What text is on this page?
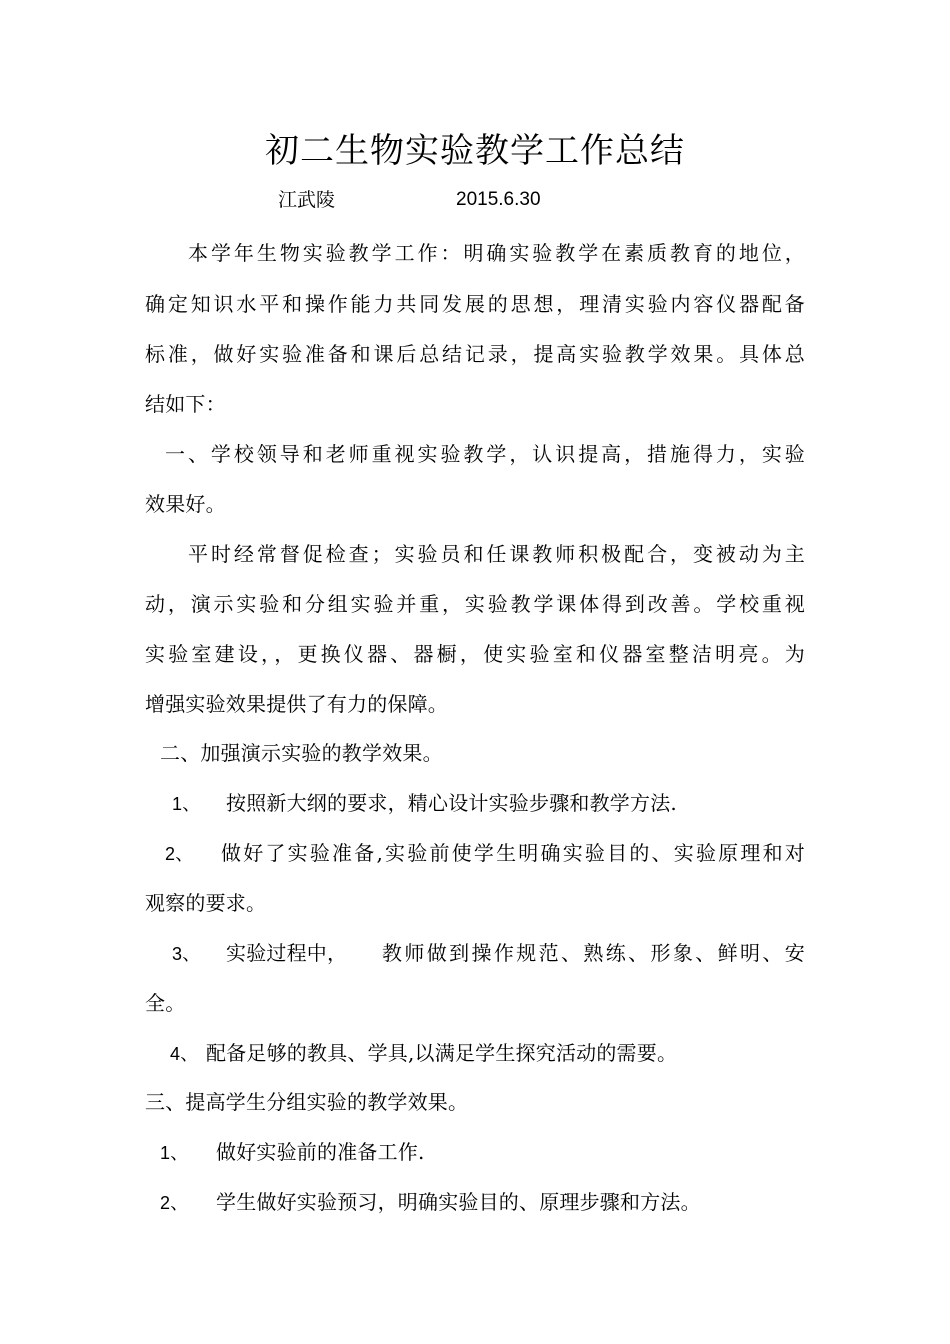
初二生物实验教学工作总结
江武陵	2015.6.30
本学年生物实验教学工作：明确实验教学在素质教育的地位，
确定知识水平和操作能力共同发展的思想，理清实验内容仪器配备
标准，做好实验准备和课后总结记录，提高实验教学效果。具体总
结如下：
一、学校领导和老师重视实验教学，认识提高，措施得力，实验
效果好。
平时经常督促检查；实验员和任课教师积极配合，变被动为主
动，演示实验和分组实验并重，实验教学课体得到改善。学校重视
实验室建设，，更换仪器、器橱，使实验室和仪器室整洁明亮。为
增强实验效果提供了有力的保障。
二、加强演示实验的教学效果。
1、 按照新大纲的要求，精心设计实验步骤和教学方法.
2、 做好了实验准备,实验前使学生明确实验目的、实验原理和对
观察的要求。
3、 实验过程中， 教师做到操作规范、熟练、形象、鲜明、安
全。
4、 配备足够的教具、学具,以满足学生探究活动的需要。
三、提高学生分组实验的教学效果。
1、 做好实验前的准备工作.
2、 学生做好实验预习，明确实验目的、原理步骤和方法。
